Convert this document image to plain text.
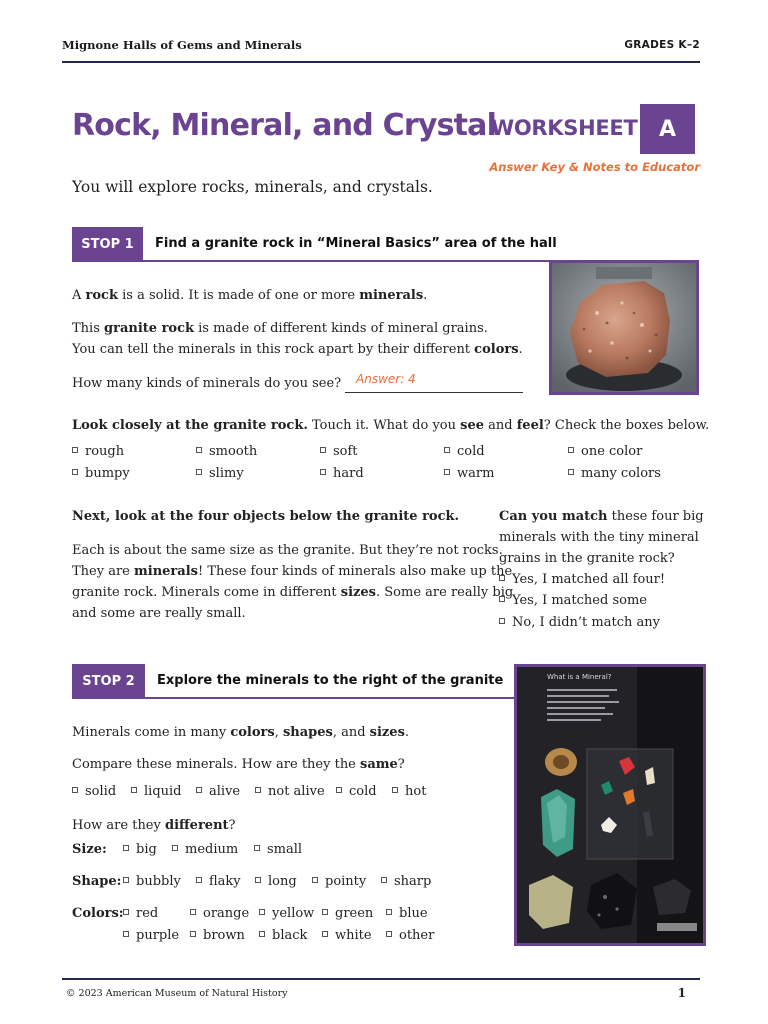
Mignone Halls of Gems and Minerals	GRADES K–2
Rock, Mineral, and Crystal
WORKSHEET A
Answer Key & Notes to Educator
You will explore rocks, minerals, and crystals.
STOP 1	Find a granite rock in “Mineral Basics” area of the hall
A rock is a solid. It is made of one or more minerals.
This granite rock is made of different kinds of mineral grains.
You can tell the minerals in this rock apart by their different colors.
How many kinds of minerals do you see? Answer: 4
Look closely at the granite rock. Touch it. What do you see and feel? Check the boxes below.
rough	smooth	soft	cold	one color
bumpy	slimy	hard	warm	many colors
Next, look at the four objects below the granite rock.
Each is about the same size as the granite. But they’re not rocks.
They are minerals! These four kinds of minerals also make up the
granite rock. Minerals come in different sizes. Some are really big
and some are really small.
Can you match these four big
minerals with the tiny mineral
grains in the granite rock?
Yes, I matched all four!
Yes, I matched some
No, I didn’t match any
STOP 2	Explore the minerals to the right of the granite	What is a Mineral?
Minerals come in many colors, shapes, and sizes.
Compare these minerals. How are they the same?
solid	liquid	alive	not alive	cold	hot
How are they different?
Size:	big	medium	small
Shape:	bubbly	flaky	long	pointy	sharp
Colors: red	orange	yellow	green	blue
purple	brown	black	white	other
© 2023 American Museum of Natural History	1
